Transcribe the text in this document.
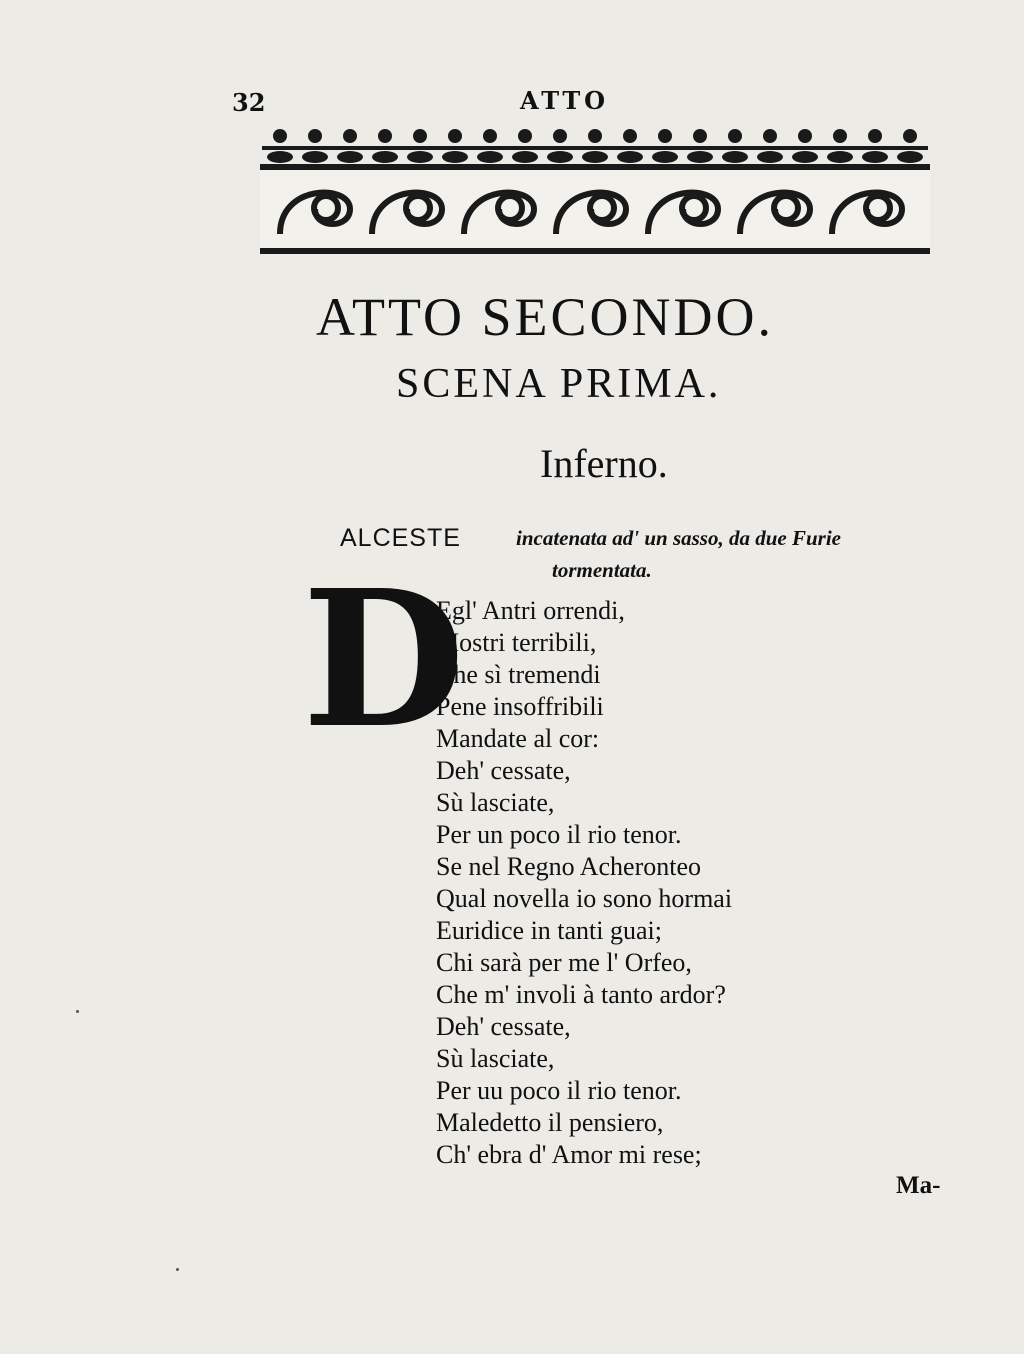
32	ATTO
ATTO SECONDO.
SCENA PRIMA.
Inferno.
ALCESTE	incatenata ad' un sasso, da due Furie
tormentata.
D
Egl' Antri orrendi,
Mostri terribili,
Che sì tremendi
Pene insoffribili
Mandate al cor:
Deh' cessate,
Sù lasciate,
Per un poco il rio tenor.
Se nel Regno Acheronteo
Qual novella io sono hormai
Euridice in tanti guai;
Chi sarà per me l' Orfeo,
Che m' involi à tanto ardor?
Deh' cessate,
Sù lasciate,
Per uu poco il rio tenor.
Maledetto il pensiero,
Ch' ebra d' Amor mi rese;
Ma-
